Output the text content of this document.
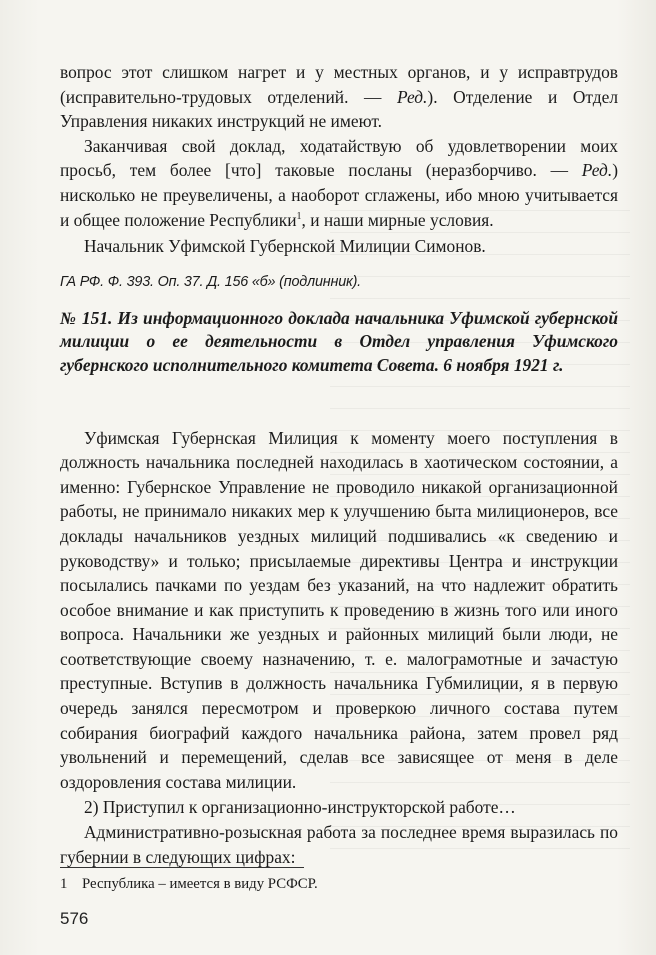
вопрос этот слишком нагрет и у местных органов, и у исправтрудов (исправительно-трудовых отделений. — Ред.). Отделение и Отдел Управления никаких инструкций не имеют.

Заканчивая свой доклад, ходатайствую об удовлетворении моих просьб, тем более [что] таковые посланы (неразборчиво. — Ред.) нисколько не преувеличены, а наоборот сглажены, ибо мною учитывается и общее положение Республики$^1$, и наши мирные условия.

Начальник Уфимской Губернской Милиции Симонов.

ГА РФ. Ф. 393. Оп. 37. Д. 156 «б» (подлинник).
№ 151. Из информационного доклада начальника Уфимской губернской милиции о ее деятельности в Отдел управления Уфимского губернского исполнительного комитета Совета. 6 ноября 1921 г.

Уфимская Губернская Милиция к моменту моего поступления в должность начальника последней находилась в хаотическом состоянии, а именно: Губернское Управление не проводило никакой организационной работы, не принимало никаких мер к улучшению быта милиционеров, все доклады начальников уездных милиций подшивались «к сведению и руководству» и только; присылаемые директивы Центра и инструкции посылались пачками по уездам без указаний, на что надлежит обратить особое внимание и как приступить к проведению в жизнь того или иного вопроса. Начальники же уездных и районных милиций были люди, не соответствующие своему назначению, т. е. малограмотные и зачастую преступные. Вступив в должность начальника Губмилиции, я в первую очередь занялся пересмотром и проверкою личного состава путем собирания биографий каждого начальника района, затем провел ряд увольнений и перемещений, сделав все зависящее от меня в деле оздоровления состава милиции.

2) Приступил к организационно-инструкторской работе…

Административно-розыскная работа за последнее время выразилась по губернии в следующих цифрах:

1 Республика – имеется в виду РСФСР.
576
